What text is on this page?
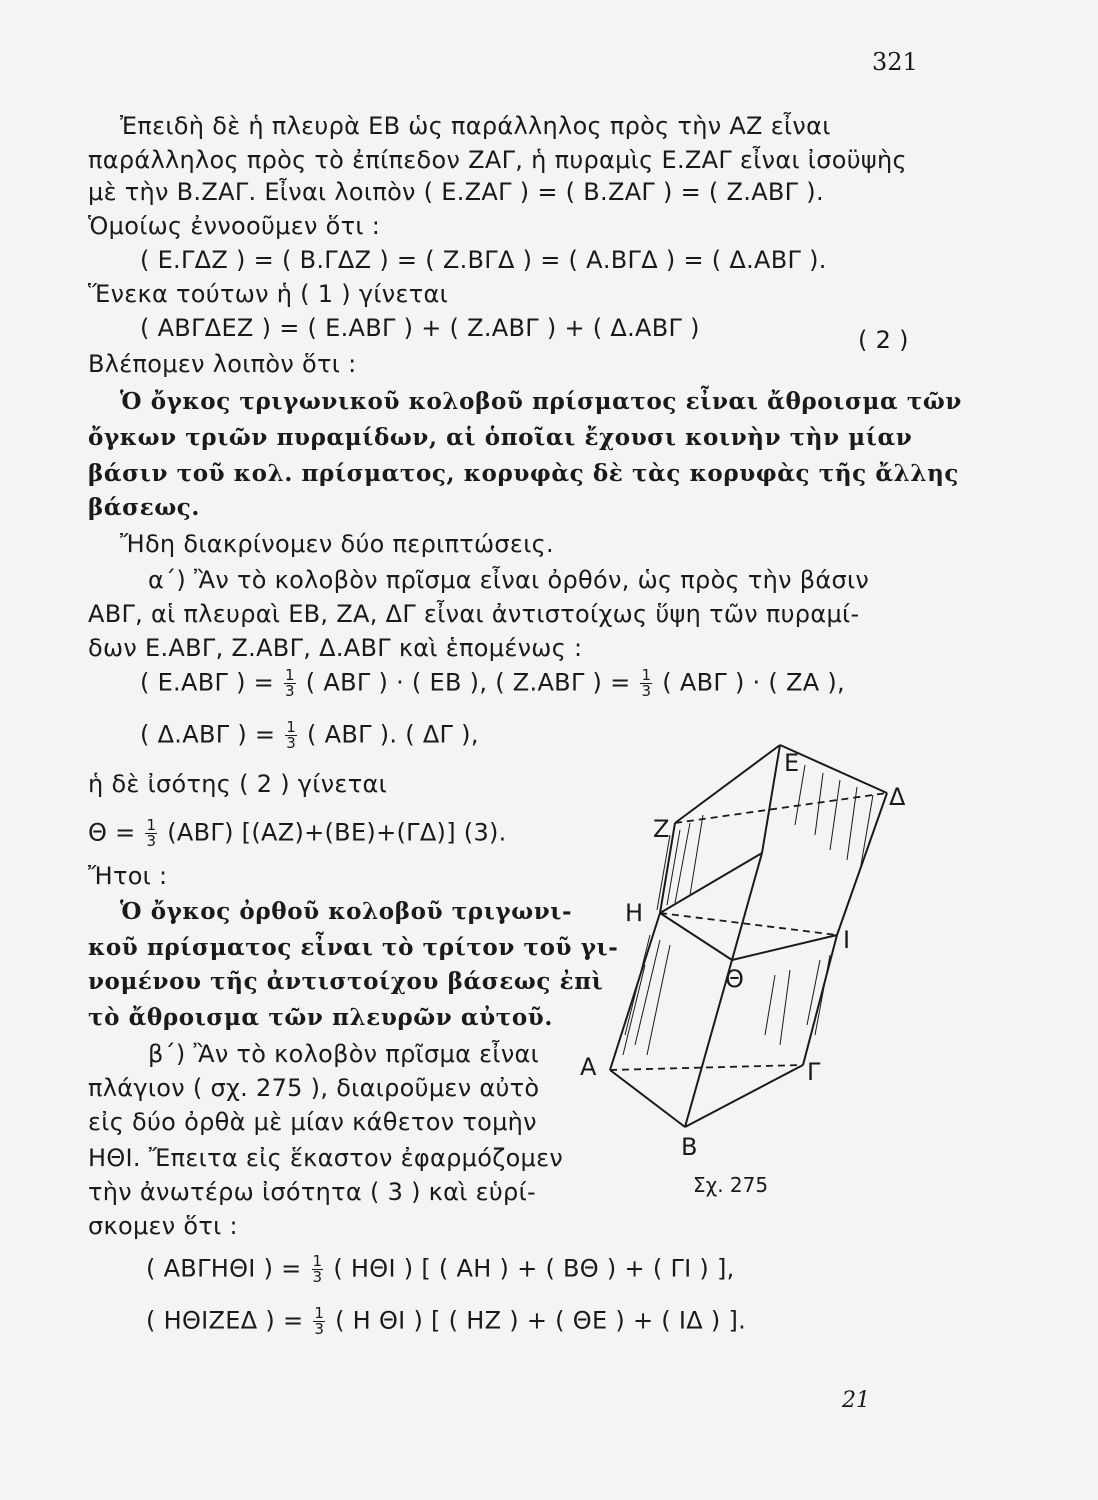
321
Ἐπειδὴ δὲ ἡ πλευρὰ ΕΒ ὡς παράλληλος πρὸς τὴν ΑΖ εἶναι
παράλληλος πρὸς τὸ ἐπίπεδον ΖΑΓ, ἡ πυραμὶς Ε.ΖΑΓ εἶναι ἰσοϋψὴς
μὲ τὴν Β.ΖΑΓ. Εἶναι λοιπὸν ( Ε.ΖΑΓ ) = ( Β.ΖΑΓ ) = ( Ζ.ΑΒΓ ).
Ὁμοίως ἐννοοῦμεν ὅτι :
( Ε.ΓΔΖ ) = ( Β.ΓΔΖ ) = ( Ζ.ΒΓΔ ) = ( Α.ΒΓΔ ) = ( Δ.ΑΒΓ ).
Ἕνεκα τούτων ἡ ( 1 ) γίνεται
( ΑΒΓΔΕΖ ) = ( Ε.ΑΒΓ ) + ( Ζ.ΑΒΓ ) + ( Δ.ΑΒΓ )	( 2 )
Βλέπομεν λοιπὸν ὅτι :
Ὁ ὄγκος τριγωνικοῦ κολοβοῦ πρίσματος εἶναι ἄθροισμα τῶν
ὄγκων τριῶν πυραμίδων, αἱ ὁποῖαι ἔχουσι κοινὴν τὴν μίαν
βάσιν τοῦ κολ. πρίσματος, κορυφὰς δὲ τὰς κορυφὰς τῆς ἄλλης
βάσεως.
Ἤδη διακρίνομεν δύο περιπτώσεις.
α΄) Ἂν τὸ κολοβὸν πρῖσμα εἶναι ὀρθόν, ὡς πρὸς τὴν βάσιν
ΑΒΓ, αἱ πλευραὶ ΕΒ, ΖΑ, ΔΓ εἶναι ἀντιστοίχως ὕψη τῶν πυραμί-
δων Ε.ΑΒΓ, Ζ.ΑΒΓ, Δ.ΑΒΓ καὶ ἑπομένως :
( Ε.ΑΒΓ ) = $\frac{1}{3}$ ( ΑΒΓ ) · ( ΕΒ ), ( Ζ.ΑΒΓ ) = $\frac{1}{3}$ ( ΑΒΓ ) · ( ΖΑ ),
( Δ.ΑΒΓ ) = $\frac{1}{3}$ ( ΑΒΓ ). ( ΔΓ ),
ἡ δὲ ἰσότης ( 2 ) γίνεται
$\Theta = \frac{1}{3} (AB\Gamma)$ [(ΑΖ)+(ΒΕ)+(ΓΔ)] (3).
Ἤτοι :
Ὁ ὄγκος ὀρθοῦ κολοβοῦ τριγωνι-
κοῦ πρίσματος εἶναι τὸ τρίτον τοῦ γι-
νομένου τῆς ἀντιστοίχου βάσεως ἐπὶ
τὸ ἄθροισμα τῶν πλευρῶν αὐτοῦ.
β΄) Ἂν τὸ κολοβὸν πρῖσμα εἶναι
πλάγιον ( σχ. 275 ), διαιροῦμεν αὐτὸ
εἰς δύο ὀρθὰ μὲ μίαν κάθετον τομὴν
ΗΘΙ. Ἔπειτα εἰς ἕκαστον ἐφαρμόζομεν
τὴν ἀνωτέρω ἰσότητα ( 3 ) καὶ εὑρί-
σκομεν ὅτι :
( ΑΒΓΗΘΙ ) = $\frac{1}{3}$ ( ΗΘΙ ) [ ( ΑΗ ) + ( ΒΘ ) + ( ΓΙ ) ],
( ΗΘΙΖΕΔ ) = $\frac{1}{3}$ ( Η ΘΙ ) [ ( ΗΖ ) + ( ΘΕ ) + ( ΙΔ ) ].
Ε
Δ
Ζ
Η
Ι
Θ
Α	Γ
Β
Σχ. 275
21
